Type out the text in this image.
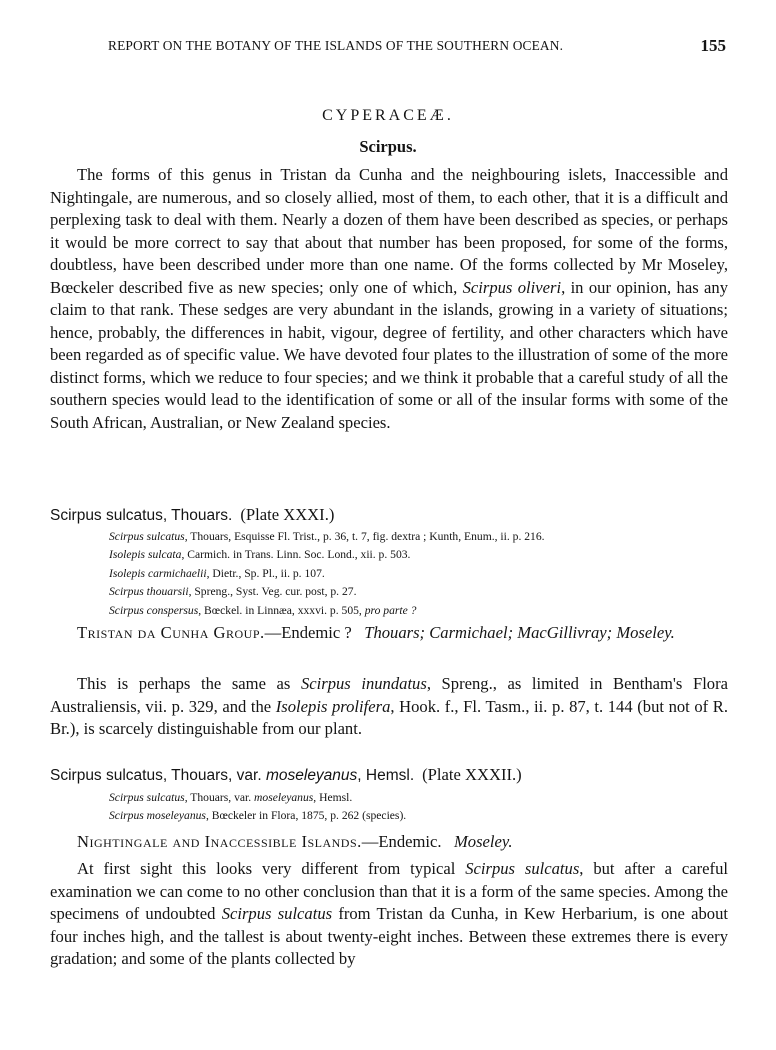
REPORT ON THE BOTANY OF THE ISLANDS OF THE SOUTHERN OCEAN.	155
CYPERACEÆ.
Scirpus.

The forms of this genus in Tristan da Cunha and the neighbouring islets, Inaccessible and Nightingale, are numerous, and so closely allied, most of them, to each other, that it is a difficult and perplexing task to deal with them. Nearly a dozen of them have been described as species, or perhaps it would be more correct to say that about that number has been proposed, for some of the forms, doubtless, have been described under more than one name. Of the forms collected by Mr Moseley, Bœckeler described five as new species; only one of which, Scirpus oliveri, in our opinion, has any claim to that rank. These sedges are very abundant in the islands, growing in a variety of situations; hence, probably, the differences in habit, vigour, degree of fertility, and other characters which have been regarded as of specific value. We have devoted four plates to the illustration of some of the more distinct forms, which we reduce to four species; and we think it probable that a careful study of all the southern species would lead to the identification of some or all of the insular forms with some of the South African, Australian, or New Zealand species.

Scirpus sulcatus, Thouars. (Plate XXXI.)
Scirpus sulcatus, Thouars, Esquisse Fl. Trist., p. 36, t. 7, fig. dextra ; Kunth, Enum., ii. p. 216.
Isolepis sulcata, Carmich. in Trans. Linn. Soc. Lond., xii. p. 503.
Isolepis carmichaelii, Dietr., Sp. Pl., ii. p. 107.
Scirpus thouarsii, Spreng., Syst. Veg. cur. post, p. 27.
Scirpus conspersus, Bœckel. in Linnæa, xxxvi. p. 505, pro parte ?

Tristan da Cunha Group.—Endemic ? Thouars; Carmichael; MacGillivray; Moseley.

This is perhaps the same as Scirpus inundatus, Spreng., as limited in Bentham's Flora Australiensis, vii. p. 329, and the Isolepis prolifera, Hook. f., Fl. Tasm., ii. p. 87, t. 144 (but not of R. Br.), is scarcely distinguishable from our plant.

Scirpus sulcatus, Thouars, var. moseleyanus, Hemsl. (Plate XXXII.)
Scirpus sulcatus, Thouars, var. moseleyanus, Hemsl.
Scirpus moseleyanus, Bœckeler in Flora, 1875, p. 262 (species).

Nightingale and Inaccessible Islands.—Endemic. Moseley.

At first sight this looks very different from typical Scirpus sulcatus, but after a careful examination we can come to no other conclusion than that it is a form of the same species. Among the specimens of undoubted Scirpus sulcatus from Tristan da Cunha, in Kew Herbarium, is one about four inches high, and the tallest is about twenty-eight inches. Between these extremes there is every gradation; and some of the plants collected by
